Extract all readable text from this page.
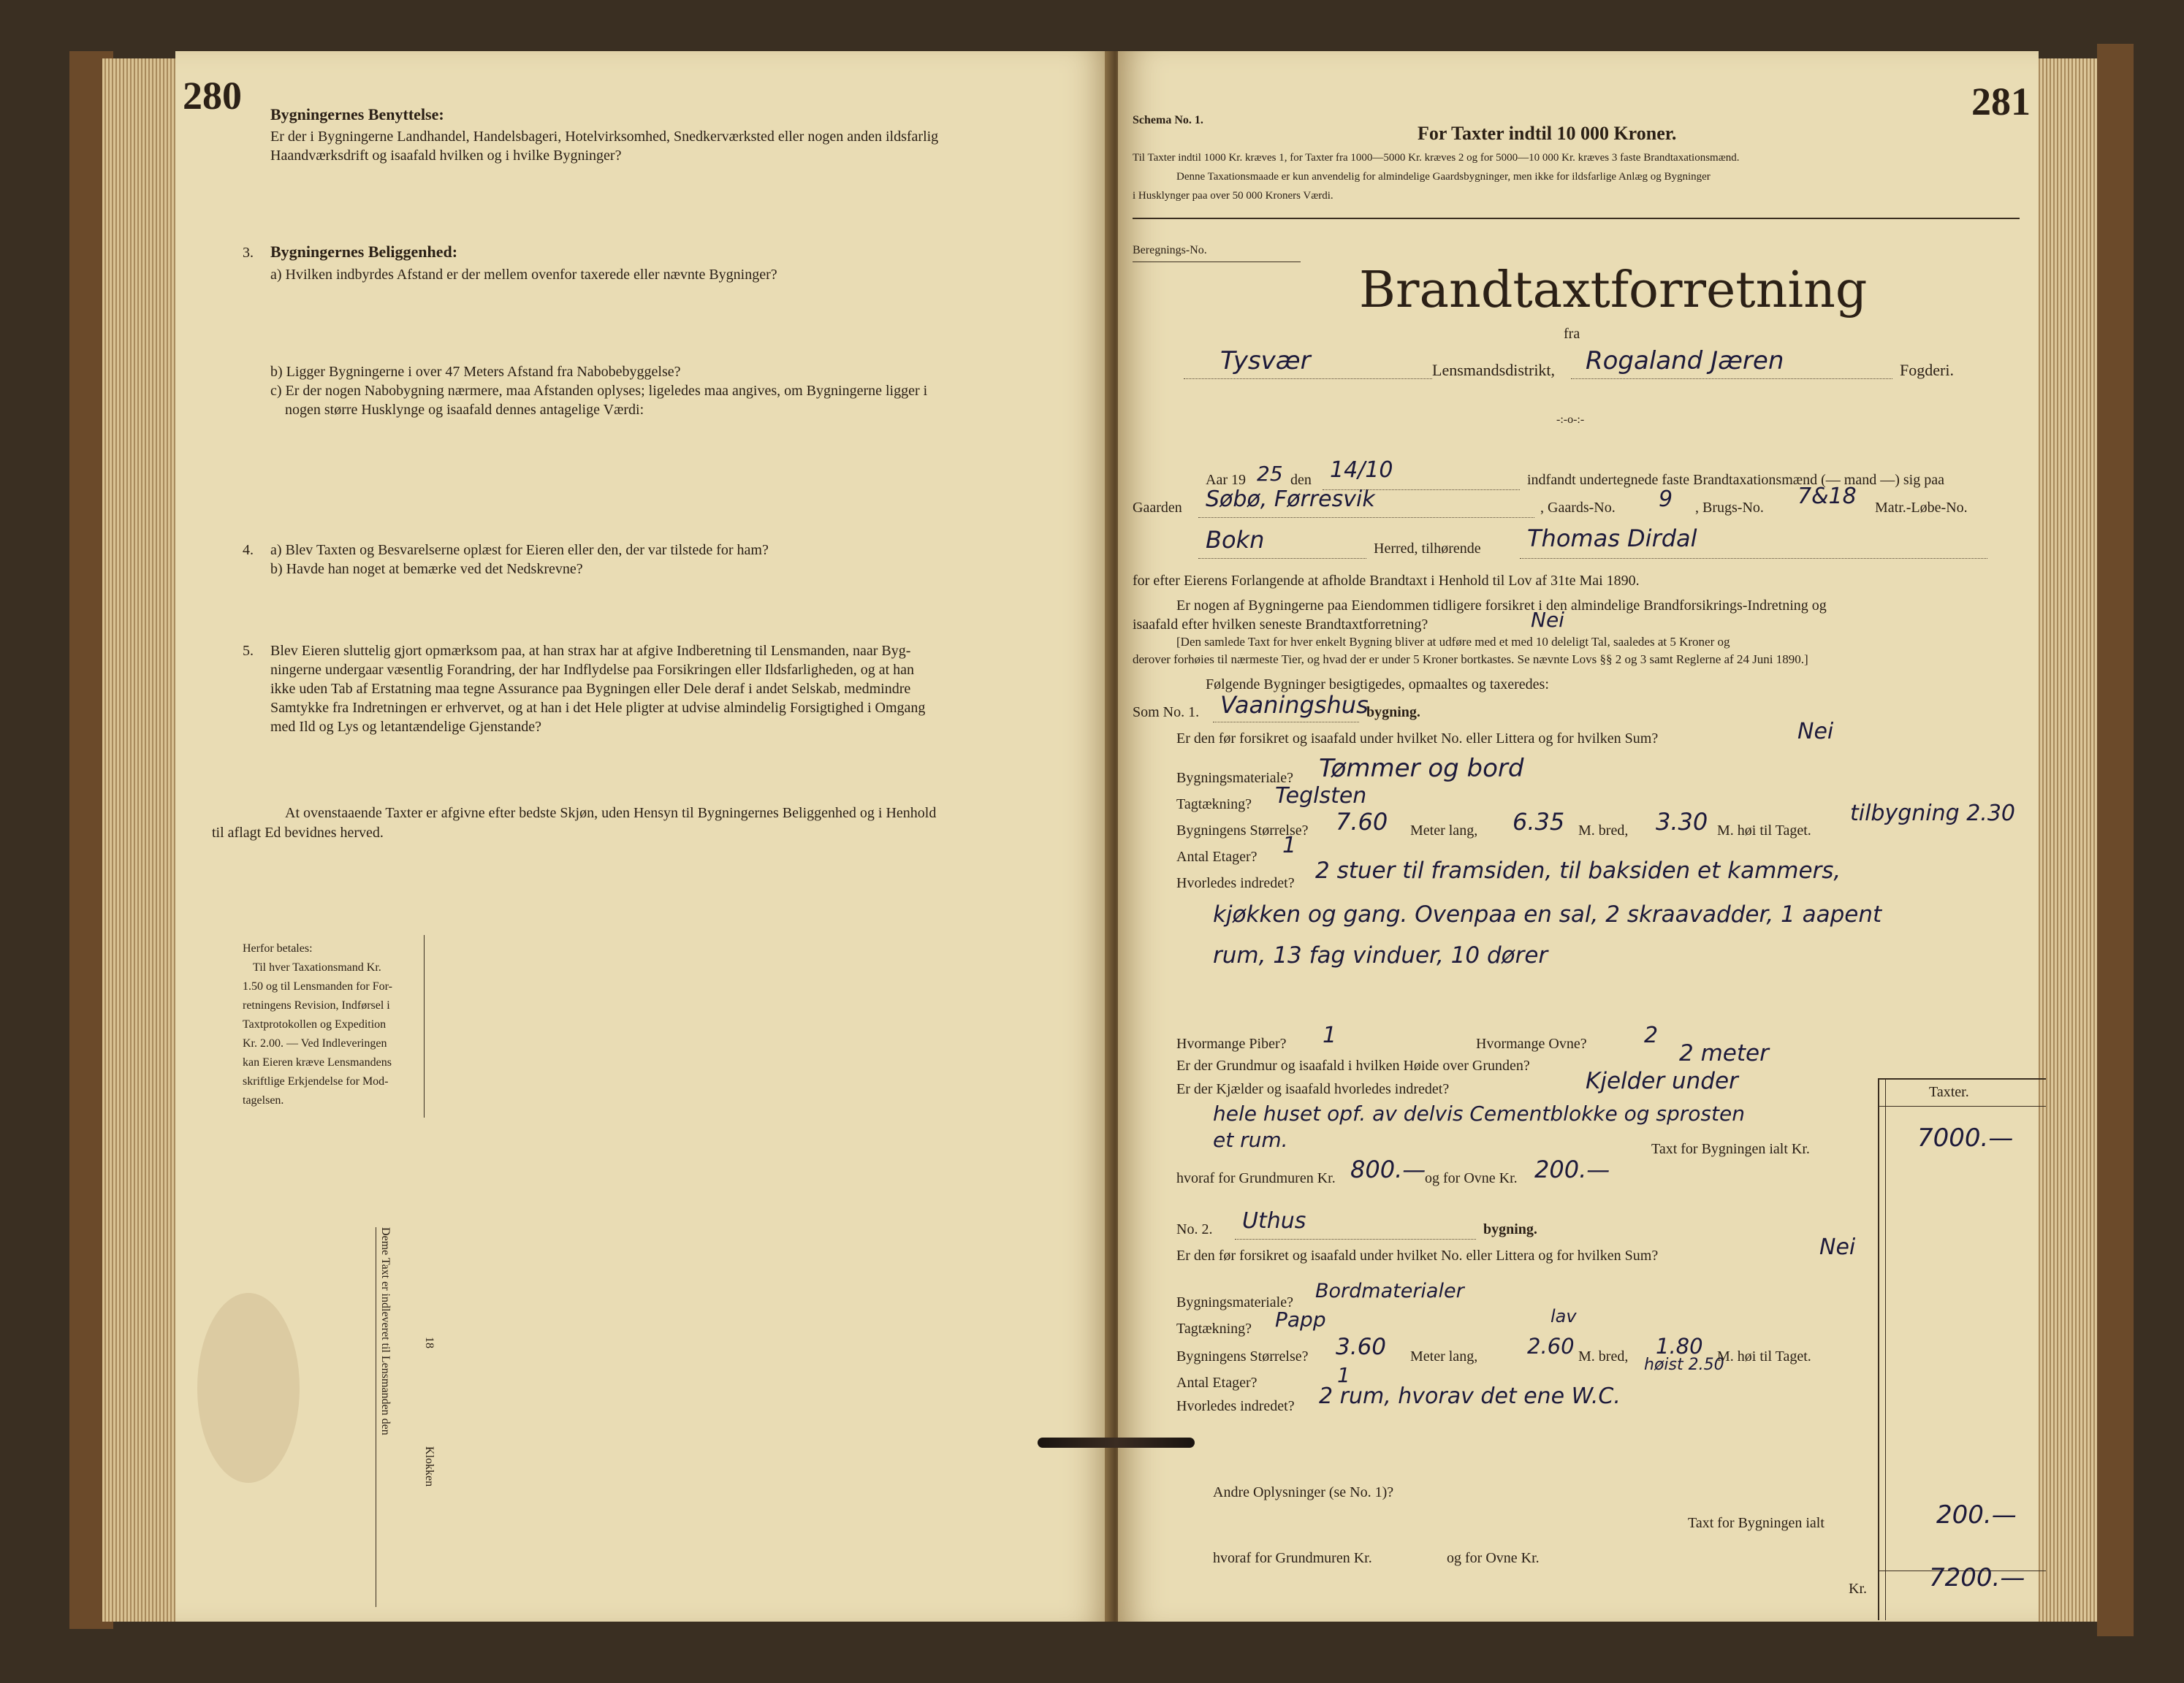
280 Bygningernes Benyttelse:
Er der i Bygningerne Landhandel, Handelsbageri, Hotelvirksomhed, Snedkerværksted eller nogen anden ildsfarlig
Haandværksdrift og isaafald hvilken og i hvilke Bygninger?
3. Bygningernes Beliggenhed:
a) Hvilken indbyrdes Afstand er der mellem ovenfor taxerede eller nævnte Bygninger?
b) Ligger Bygningerne i over 47 Meters Afstand fra Nabobebyggelse?
c) Er der nogen Nabobygning nærmere, maa Afstanden oplyses; ligeledes maa angives, om Bygningerne ligger i
nogen større Husklynge og isaafald dennes antagelige Værdi:
4. a) Blev Taxten og Besvarelserne oplæst for Eieren eller den, der var tilstede for ham?
b) Havde han noget at bemærke ved det Nedskrevne?
5. Blev Eieren sluttelig gjort opmærksom paa, at han strax har at afgive Indberetning til Lensmanden, naar Byg-
ningerne undergaar væsentlig Forandring, der har Indflydelse paa Forsikringen eller Ildsfarligheden, og at han
ikke uden Tab af Erstatning maa tegne Assurance paa Bygningen eller Dele deraf i andet Selskab, medmindre
Samtykke fra Indretningen er erhvervet, og at han i det Hele pligter at udvise almindelig Forsigtighed i Omgang
med Ild og Lys og letantændelige Gjenstande?
At ovenstaaende Taxter er afgivne efter bedste Skjøn, uden Hensyn til Bygningernes Beliggenhed og i Henhold
til aflagt Ed bevidnes herved.
Herfor betales:
Til hver Taxationsmand Kr.
1.50 og til Lensmanden for For-
retningens Revision, Indførsel i
Taxtprotokollen og Expedition
Kr. 2.00. — Ved Indleveringen
kan Eieren kræve Lensmandens
skriftlige Erkjendelse for Mod-
tagelsen.
Deme Taxt er indleveret til Lensmanden den	18
Klokken
Schema No. 1.	281
For Taxter indtil 10 000 Kroner.
Til Taxter indtil 1000 Kr. kræves 1, for Taxter fra 1000—5000 Kr. kræves 2 og for 5000—10 000 Kr. kræves 3 faste Brandtaxationsmænd.
Denne Taxationsmaade er kun anvendelig for almindelige Gaardsbygninger, men ikke for ildsfarlige Anlæg og Bygninger
i Husklynger paa over 50 000 Kroners Værdi.
Beregnings-No.
Brandtaxtforretning
fra
Tysvær	Lensmandsdistrikt, Rogaland Jæren	Fogderi.
-:-o-:-
Aar 19 25 den 14/10	indfandt undertegnede faste Brandtaxationsmænd (— mand —) sig paa
Gaarden Søbø, Førresvik	, Gaards-No. 9 , Brugs-No. 7&18 Matr.-Løbe-No.
Bokn	Herred, tilhørende Thomas Dirdal
for efter Eierens Forlangende at afholde Brandtaxt i Henhold til Lov af 31te Mai 1890.
Er nogen af Bygningerne paa Eiendommen tidligere forsikret i den almindelige Brandforsikrings-Indretning og
isaafald efter hvilken seneste Brandtaxtforretning?	Nei
[Den samlede Taxt for hver enkelt Bygning bliver at udføre med et med 10 deleligt Tal, saaledes at 5 Kroner og
derover forhøies til nærmeste Tier, og hvad der er under 5 Kroner bortkastes. Se nævnte Lovs §§ 2 og 3 samt Reglerne af 24 Juni 1890.]
Følgende Bygninger besigtigedes, opmaaltes og taxeredes:
Som No. 1. Vaaningshus
bygning.
Er den før forsikret og isaafald under hvilket No. eller Littera og for hvilken Sum?	Nei
Bygningsmateriale? Tømmer og bord
Tagtækning? Teglsten
Bygningens Størrelse? 7.60 Meter lang, 6.35 M. bred, 3.30 M. høi til Taget.
tilbygning 2.30
Antal Etager? 1
Hvorledes indredet? 2 stuer til framsiden, til baksiden et kammers,
kjøkken og gang. Ovenpaa en sal, 2 skraavadder, 1 aapent
rum, 13 fag vinduer, 10 dører
Hvormange Piber? 1	Hvormange Ovne?	2
Er der Grundmur og isaafald i hvilken Høide over Grunden?	2 meter
Er der Kjælder og isaafald hvorledes indredet?	Kjelder under
hele huset opf. av delvis Cementblokke og sprosten
et rum.	Taxt for Bygningen ialt Kr.	7000.—
hvoraf for Grundmuren Kr. 800.—
og for Ovne Kr. 200.—
Taxter.
No. 2. Uthus	bygning.
Er den før forsikret og isaafald under hvilket No. eller Littera og for hvilken Sum?	Nei
Bygningsmateriale? Bordmaterialer
Tagtækning? Papp
Bygningens Størrelse? 3.60 Meter lang, 2.60
lav
M. bred, 1.80
høist 2.50
M. høi til Taget.
Antal Etager?	1
Hvorledes indredet? 2 rum, hvorav det ene W.C.
Andre Oplysninger (se No. 1)?
Taxt for Bygningen ialt	200.—
hvoraf for Grundmuren Kr.	og for Ovne Kr.
Kr.	7200.—
